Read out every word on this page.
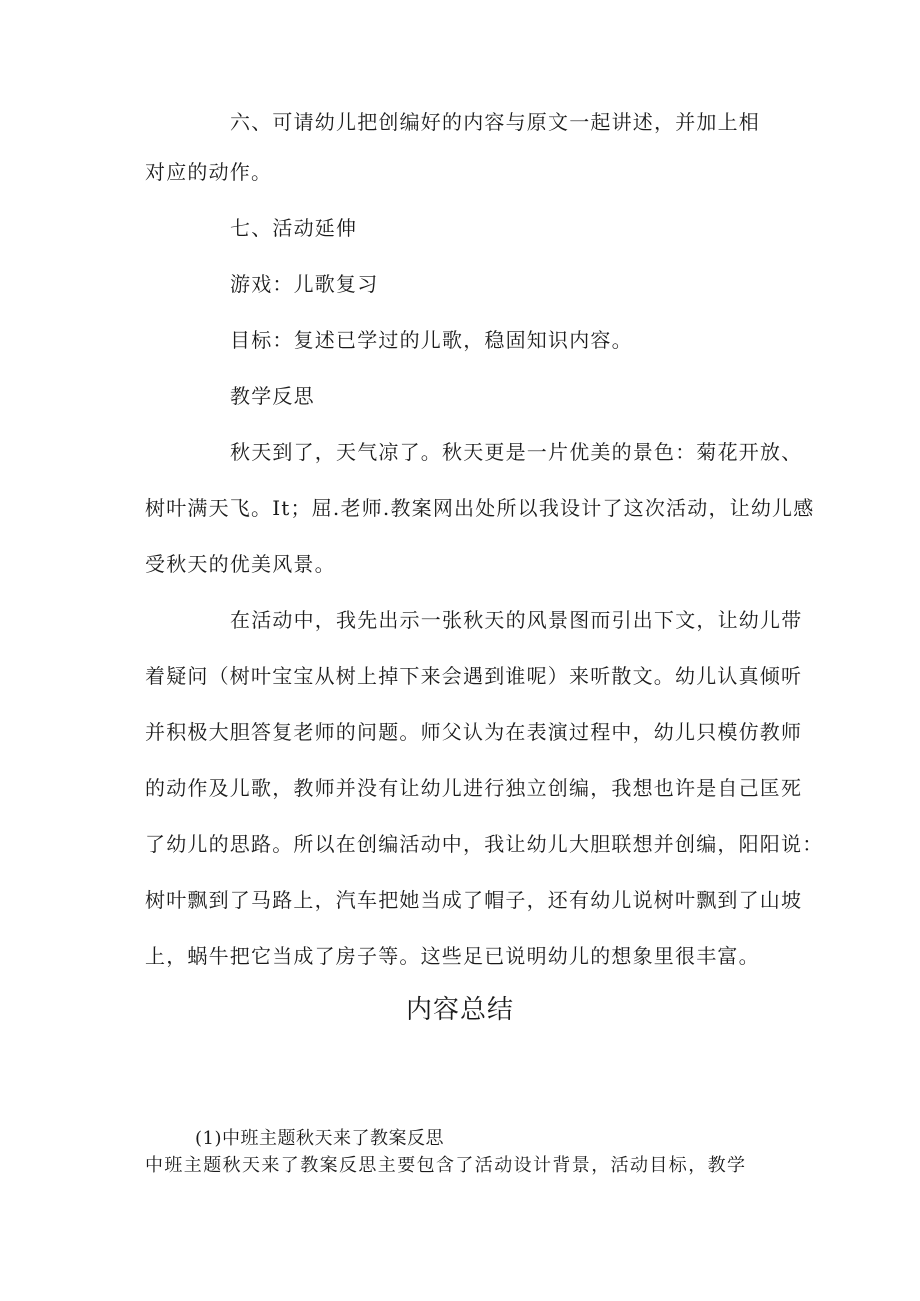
六、可请幼儿把创编好的内容与原文一起讲述，并加上相
对应的动作。
七、活动延伸
游戏：儿歌复习
目标：复述已学过的儿歌，稳固知识内容。
教学反思
秋天到了，天气凉了。秋天更是一片优美的景色：菊花开放、
树叶满天飞。It；屈.老师.教案网出处所以我设计了这次活动，让幼儿感
受秋天的优美风景。
在活动中，我先出示一张秋天的风景图而引出下文，让幼儿带
着疑问（树叶宝宝从树上掉下来会遇到谁呢）来听散文。幼儿认真倾听
并积极大胆答复老师的问题。师父认为在表演过程中，幼儿只模仿教师
的动作及儿歌，教师并没有让幼儿进行独立创编，我想也许是自己匡死
了幼儿的思路。所以在创编活动中，我让幼儿大胆联想并创编，阳阳说：
树叶飘到了马路上，汽车把她当成了帽子，还有幼儿说树叶飘到了山坡
上，蜗牛把它当成了房子等。这些足已说明幼儿的想象里很丰富。
内容总结
(1)中班主题秋天来了教案反思
中班主题秋天来了教案反思主要包含了活动设计背景，活动目标，教学
